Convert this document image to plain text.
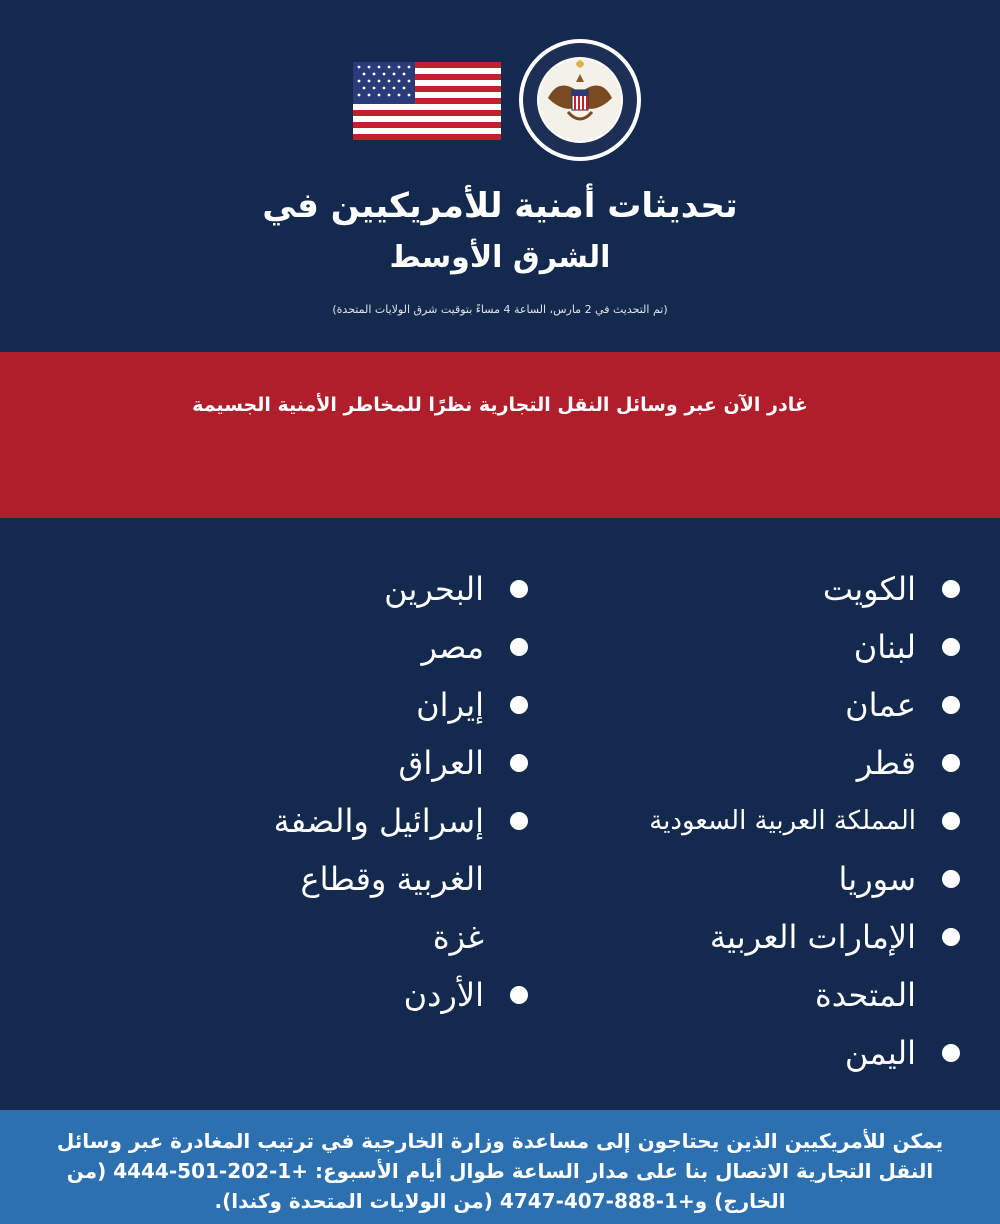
تحديثات أمنية للأمريكيين في
الشرق الأوسط
(تم التحديث في 2 مارس، الساعة 4 مساءً بتوقيت شرق الولايات المتحدة)
غادر الآن عبر وسائل النقل التجارية نظرًا للمخاطر الأمنية الجسيمة
الكويت
لبنان
عمان
قطر
المملكة العربية السعودية
سوريا
الإمارات العربية المتحدة
اليمن
البحرين
مصر
إيران
العراق
إسرائيل والضفة الغربية وقطاع غزة
الأردن
يمكن للأمريكيين الذين يحتاجون إلى مساعدة وزارة الخارجية في ترتيب المغادرة عبر وسائل النقل التجارية الاتصال بنا على مدار الساعة طوال أيام الأسبوع: +1-202-501-4444 (من الخارج) و+1-888-407-4747 (من الولايات المتحدة وكندا).
